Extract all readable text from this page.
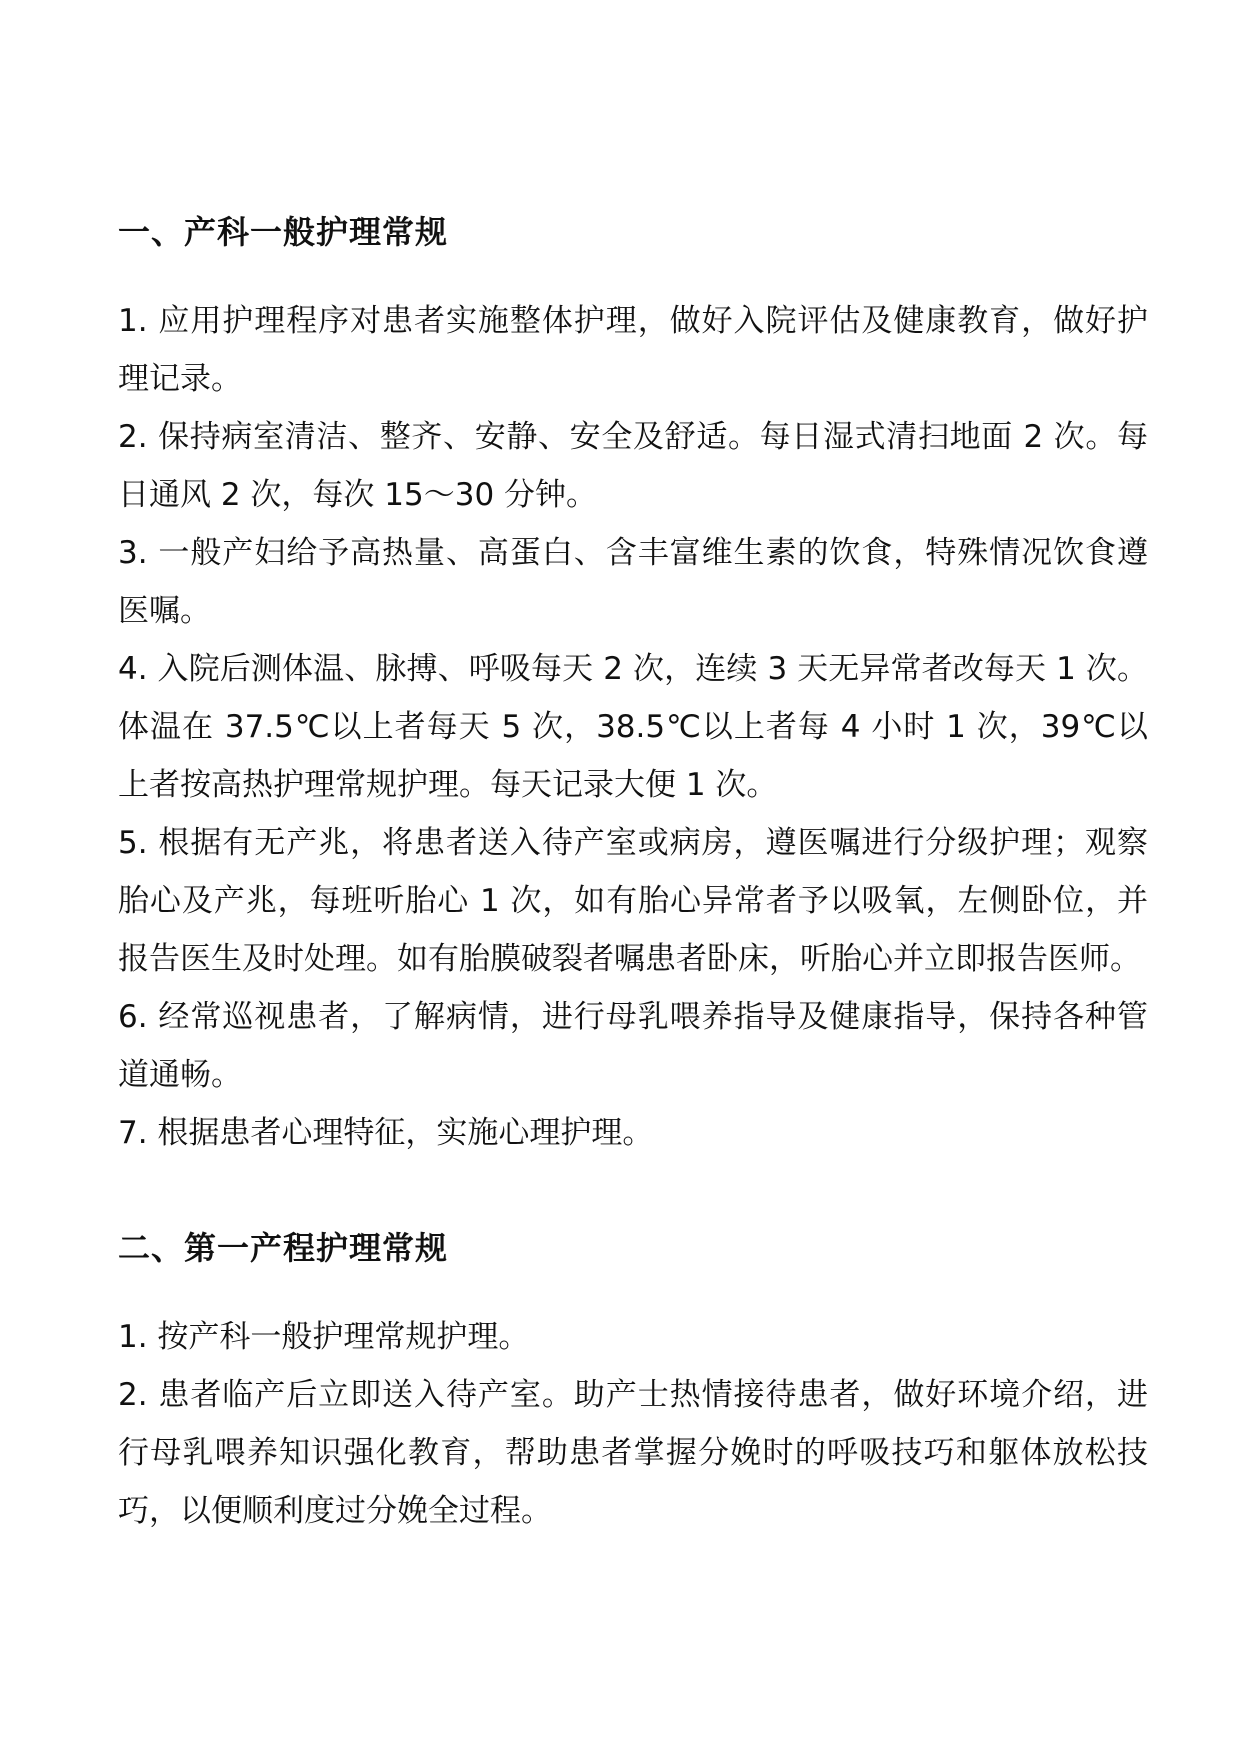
一、产科一般护理常规

1. 应用护理程序对患者实施整体护理，做好入院评估及健康教育，做好护理记录。

2. 保持病室清洁、整齐、安静、安全及舒适。每日湿式清扫地面 2 次。每日通风 2 次，每次 15～30 分钟。

3. 一般产妇给予高热量、高蛋白、含丰富维生素的饮食，特殊情况饮食遵医嘱。

4. 入院后测体温、脉搏、呼吸每天 2 次，连续 3 天无异常者改每天 1 次。体温在 37.5℃以上者每天 5 次，38.5℃以上者每 4 小时 1 次，39℃以上者按高热护理常规护理。每天记录大便 1 次。

5. 根据有无产兆，将患者送入待产室或病房，遵医嘱进行分级护理；观察胎心及产兆，每班听胎心 1 次，如有胎心异常者予以吸氧，左侧卧位，并报告医生及时处理。如有胎膜破裂者嘱患者卧床，听胎心并立即报告医师。

6. 经常巡视患者，了解病情，进行母乳喂养指导及健康指导，保持各种管道通畅。

7. 根据患者心理特征，实施心理护理。

二、第一产程护理常规

1. 按产科一般护理常规护理。

2. 患者临产后立即送入待产室。助产士热情接待患者，做好环境介绍，进行母乳喂养知识强化教育，帮助患者掌握分娩时的呼吸技巧和躯体放松技巧，以便顺利度过分娩全过程。
